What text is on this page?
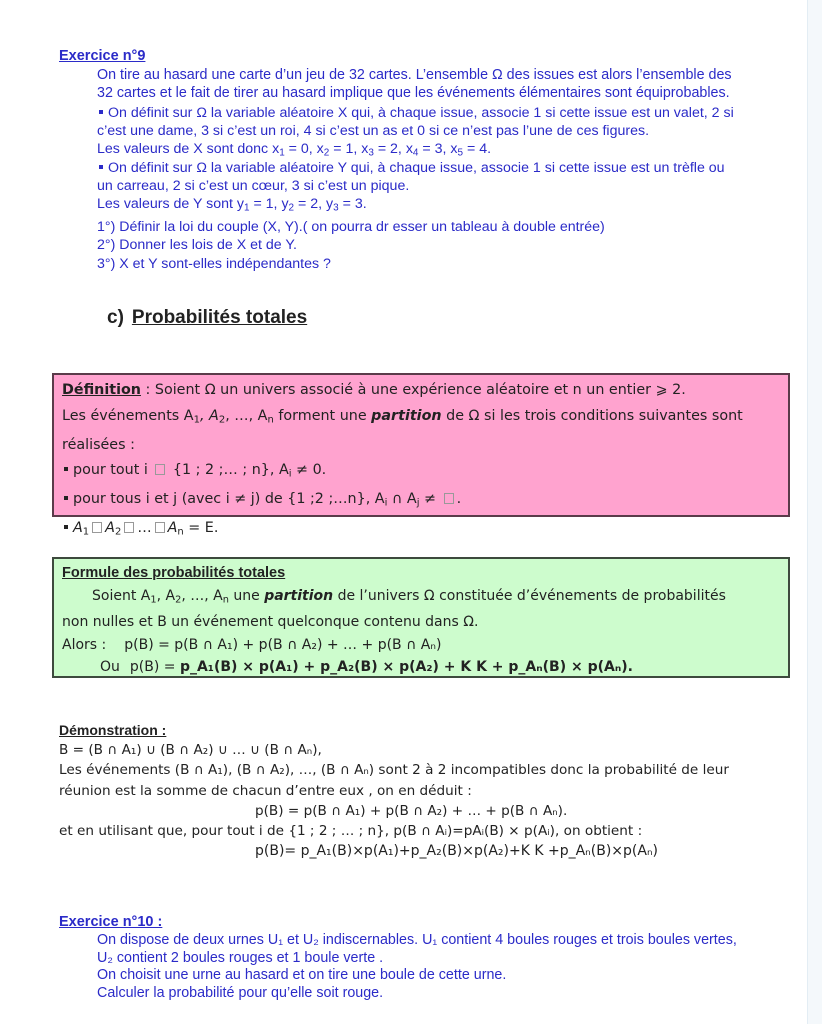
Exercice n°9
On tire au hasard une carte d’un jeu de 32 cartes. L’ensemble Ω des issues est alors l’ensemble des
32 cartes et le fait de tirer au hasard implique que les événements élémentaires sont équiprobables.
On définit sur Ω la variable aléatoire X qui, à chaque issue, associe 1 si cette issue est un valet, 2 si
c’est une dame, 3 si c’est un roi, 4 si c’est un as et 0 si ce n’est pas l’une de ces figures.
Les valeurs de X sont donc $x_1 = 0$, $x_2 = 1$, $x_3 = 2$, $x_4 = 3$, $x_5 = 4$.
On définit sur Ω la variable aléatoire Y qui, à chaque issue, associe 1 si cette issue est un trèfle ou
un carreau, 2 si c’est un cœur, 3 si c’est un pique.
Les valeurs de Y sont $y_1 = 1$, $y_2 = 2$, $y_3 = 3$.
1°) Définir la loi du couple (X, Y).( on pourra dr esser un tableau à double entrée)
2°) Donner les lois de X et de Y.
3°) X et Y sont-elles indépendantes ?
c) Probabilités totales
Définition : Soient Ω un univers associé à une expérience aléatoire et n un entier ⩾ 2.
Les événements $A_1$, $A_2$, …, $A_n$ forment une partition de Ω si les trois conditions suivantes sont
réalisées :
pour tout i  {1 ; 2 ;… ; n}, $A_i \ne 0$.
pour tous i et j (avec i ≠ j) de {1 ;2 ;…n}, $A_i$ ∩ $A_j$ ≠ .
$A_1$ $A_2$ … $A_n = E$.
Formule des probabilités totales
Soient $A_1$, $A_2$, …, $A_n$ une partition de l’univers Ω constituée d’événements de probabilités
non nulles et B un événement quelconque contenu dans Ω.
Alors : p(B) = p(B ∩ A₁) + p(B ∩ A₂) + … + p(B ∩ Aₙ)
Ou p(B) = p_A₁(B) × p(A₁) + p_A₂(B) × p(A₂) + K K + p_Aₙ(B) × p(Aₙ).
Démonstration :
B = (B ∩ A₁) ∪ (B ∩ A₂) ∪ … ∪ (B ∩ Aₙ),
Les événements (B ∩ A₁), (B ∩ A₂), …, (B ∩ Aₙ) sont 2 à 2 incompatibles donc la probabilité de leur
réunion est la somme de chacun d’entre eux , on en déduit :
p(B) = p(B ∩ A₁) + p(B ∩ A₂) + … + p(B ∩ Aₙ).
et en utilisant que, pour tout i de {1 ; 2 ; … ; n}, p(B ∩ Aᵢ)=pAᵢ(B) × p(Aᵢ), on obtient :
p(B)= p_A₁(B)×p(A₁)+p_A₂(B)×p(A₂)+K K +p_Aₙ(B)×p(Aₙ)
Exercice n°10 :
On dispose de deux urnes U₁ et U₂ indiscernables. U₁ contient 4 boules rouges et trois boules vertes,
U₂ contient 2 boules rouges et 1 boule verte .
On choisit une urne au hasard et on tire une boule de cette urne.
Calculer la probabilité pour qu’elle soit rouge.
